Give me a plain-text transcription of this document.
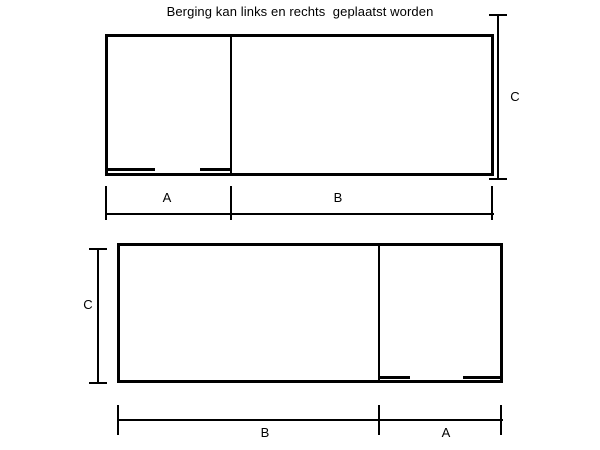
Berging kan links en rechts  geplaatst worden
C
A	B
C
B	A
